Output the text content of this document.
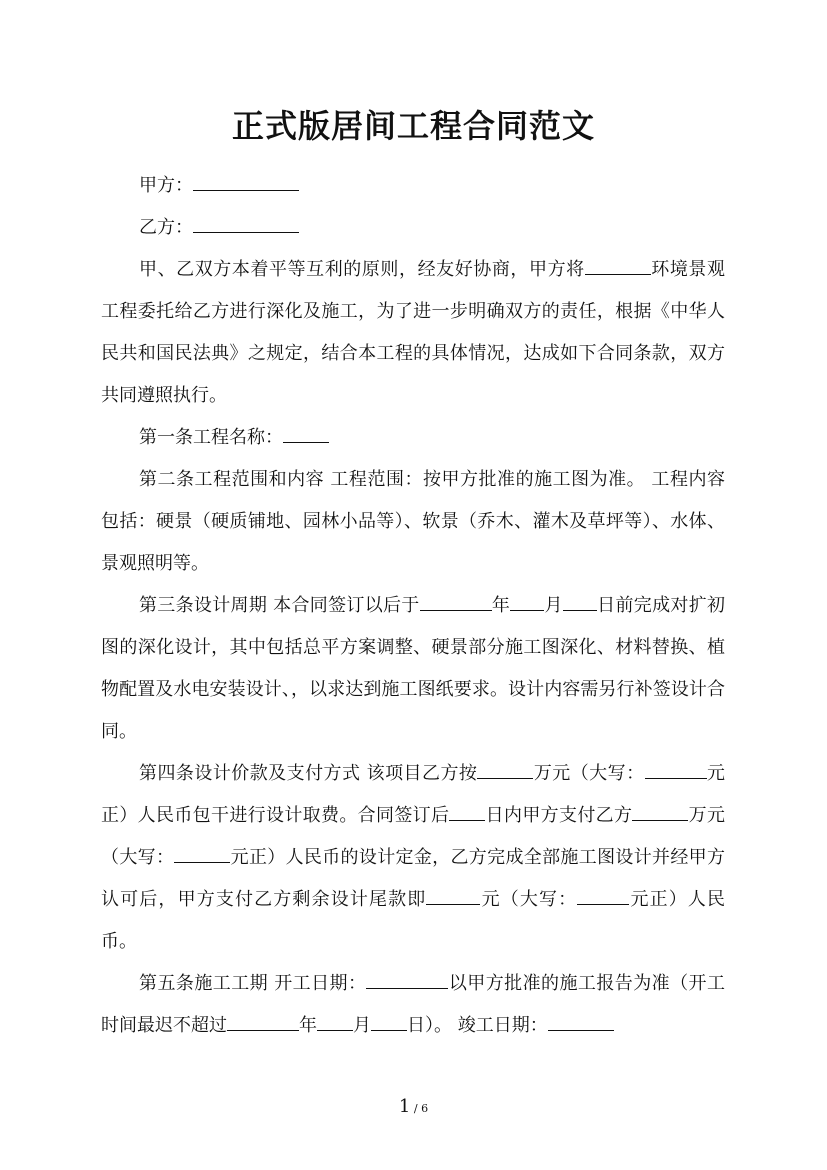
正式版居间工程合同范文

甲方：

乙方：

甲、乙双方本着平等互利的原则，经友好协商，甲方将	环境景观工程委托给乙方进行深化及施工，为了进一步明确双方的责任，根据《中华人民共和国民法典》之规定，结合本工程的具体情况，达成如下合同条款，双方共同遵照执行。

第一条工程名称：

第二条工程范围和内容 工程范围：按甲方批准的施工图为准。 工程内容包括：硬景（硬质铺地、园林小品等）、软景（乔木、灌木及草坪等）、水体、景观照明等。

第三条设计周期 本合同签订以后于	年 月 日前完成对扩初图的深化设计，其中包括总平方案调整、硬景部分施工图深化、材料替换、植物配置及水电安装设计、，以求达到施工图纸要求。设计内容需另行补签设计合同。

第四条设计价款及支付方式 该项目乙方按	万元（大写：	元正）人民币包干进行设计取费。合同签订后 日内甲方支付乙方	万元（大写：	元正）人民币的设计定金，乙方完成全部施工图设计并经甲方认可后，甲方支付乙方剩余设计尾款即	元（大写：	元正）人民币。

第五条施工工期 开工日期：	以甲方批准的施工报告为准（开工时间最迟不超过	年 月 日）。 竣工日期：

1 / 6
